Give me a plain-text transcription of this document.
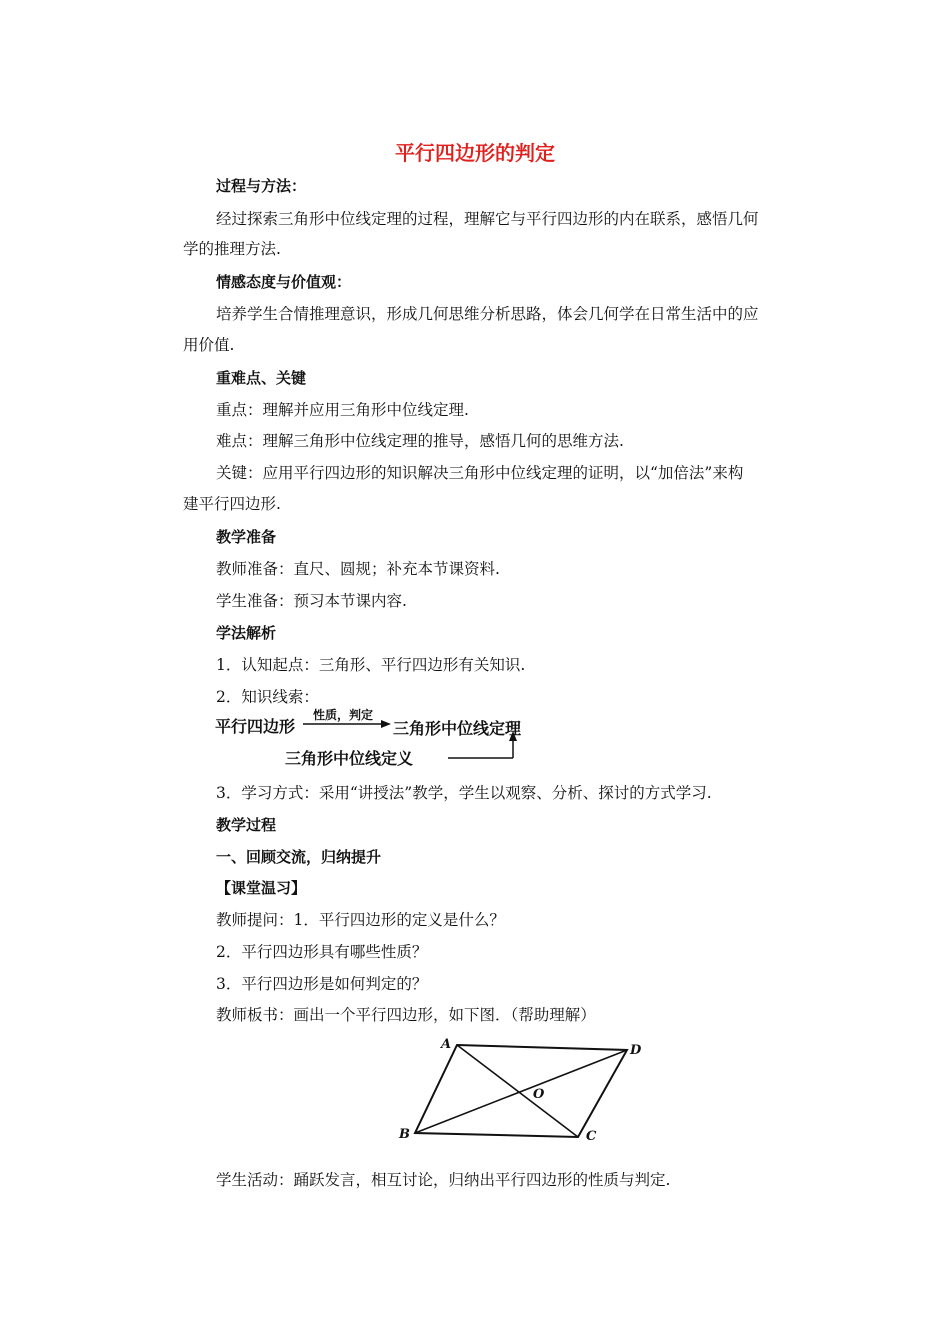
平行四边形的判定
过程与方法：
经过探索三角形中位线定理的过程，理解它与平行四边形的内在联系，感悟几何
学的推理方法.
情感态度与价值观：
培养学生合情推理意识，形成几何思维分析思路，体会几何学在日常生活中的应
用价值.
重难点、关键
重点：理解并应用三角形中位线定理.
难点：理解三角形中位线定理的推导，感悟几何的思维方法.
关键：应用平行四边形的知识解决三角形中位线定理的证明，以“加倍法”来构
建平行四边形.
教学准备
教师准备：直尺、圆规；补充本节课资料.
学生准备：预习本节课内容.
学法解析
1．认知起点：三角形、平行四边形有关知识.
2．知识线索：
平行四边形
性质，判定
三角形中位线定理
三角形中位线定义
3．学习方式：采用“讲授法”教学，学生以观察、分析、探讨的方式学习.
教学过程
一、回顾交流，归纳提升
【课堂温习】
教师提问：1．平行四边形的定义是什么？
2．平行四边形具有哪些性质？
3．平行四边形是如何判定的？
教师板书：画出一个平行四边形，如下图．（帮助理解）
A	D
B	C
O
学生活动：踊跃发言，相互讨论，归纳出平行四边形的性质与判定.
